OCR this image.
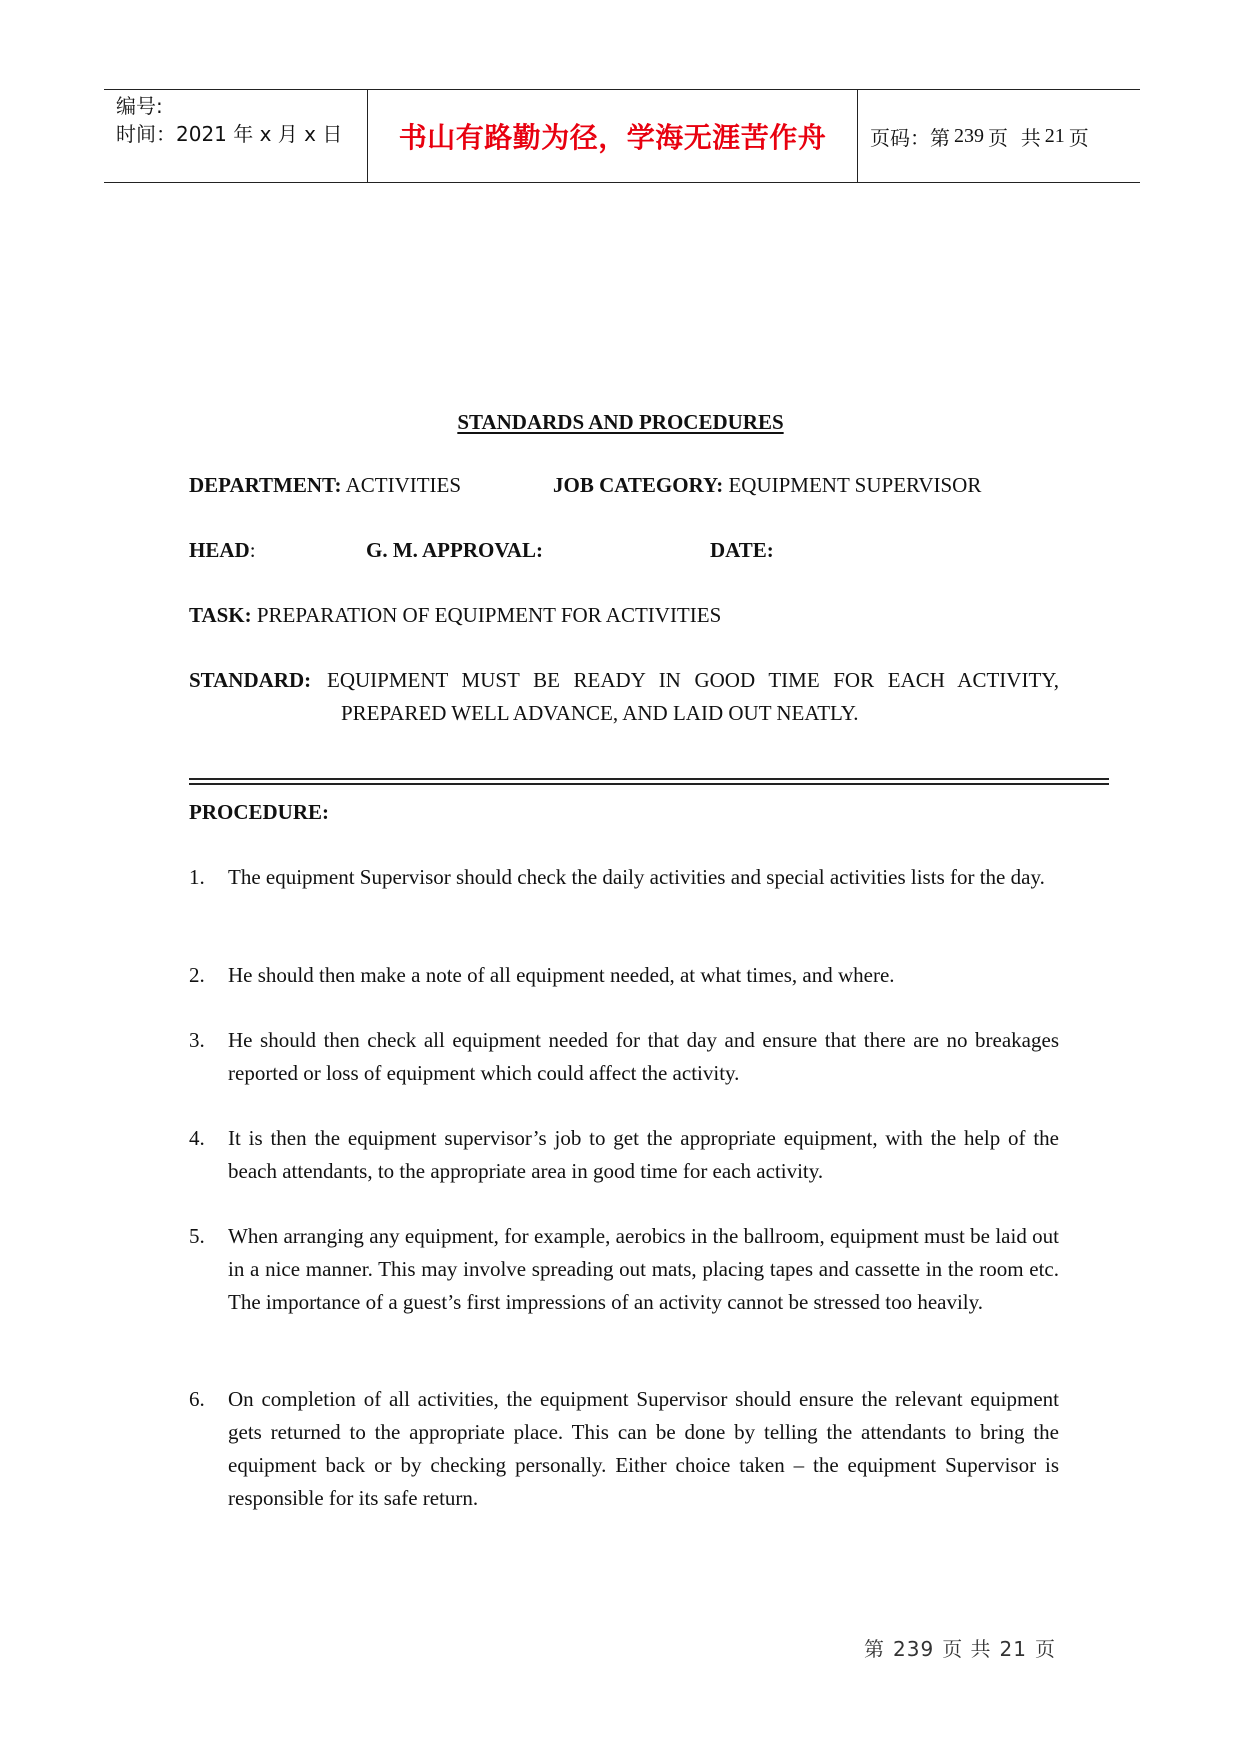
编号:
时间：2021 年 x 月 x 日	书山有路勤为径，学海无涯苦作舟 页码：第 239 页  共 21 页
STANDARDS AND PROCEDURES
DEPARTMENT: ACTIVITIES	JOB CATEGORY: EQUIPMENT SUPERVISOR
HEAD:	G. M. APPROVAL:	DATE:
TASK: PREPARATION OF EQUIPMENT FOR ACTIVITIES
STANDARD: EQUIPMENT MUST BE READY IN GOOD TIME FOR EACH ACTIVITY,
PREPARED WELL ADVANCE, AND LAID OUT NEATLY.
PROCEDURE:
1. The equipment Supervisor should check the daily activities and special activities lists for the day.
2. He should then make a note of all equipment needed, at what times, and where.
3. He should then check all equipment needed for that day and ensure that there are no breakages reported or loss of equipment which could affect the activity.
4. It is then the equipment supervisor’s job to get the appropriate equipment, with the help of the beach attendants, to the appropriate area in good time for each activity.
5. When arranging any equipment, for example, aerobics in the ballroom, equipment must be laid out in a nice manner. This may involve spreading out mats, placing tapes and cassette in the room etc. The importance of a guest’s first impressions of an activity cannot be stressed too heavily.
6. On completion of all activities, the equipment Supervisor should ensure the relevant equipment gets returned to the appropriate place. This can be done by telling the attendants to bring the equipment back or by checking personally. Either choice taken – the equipment Supervisor is responsible for its safe return.
第 239 页 共 21 页
